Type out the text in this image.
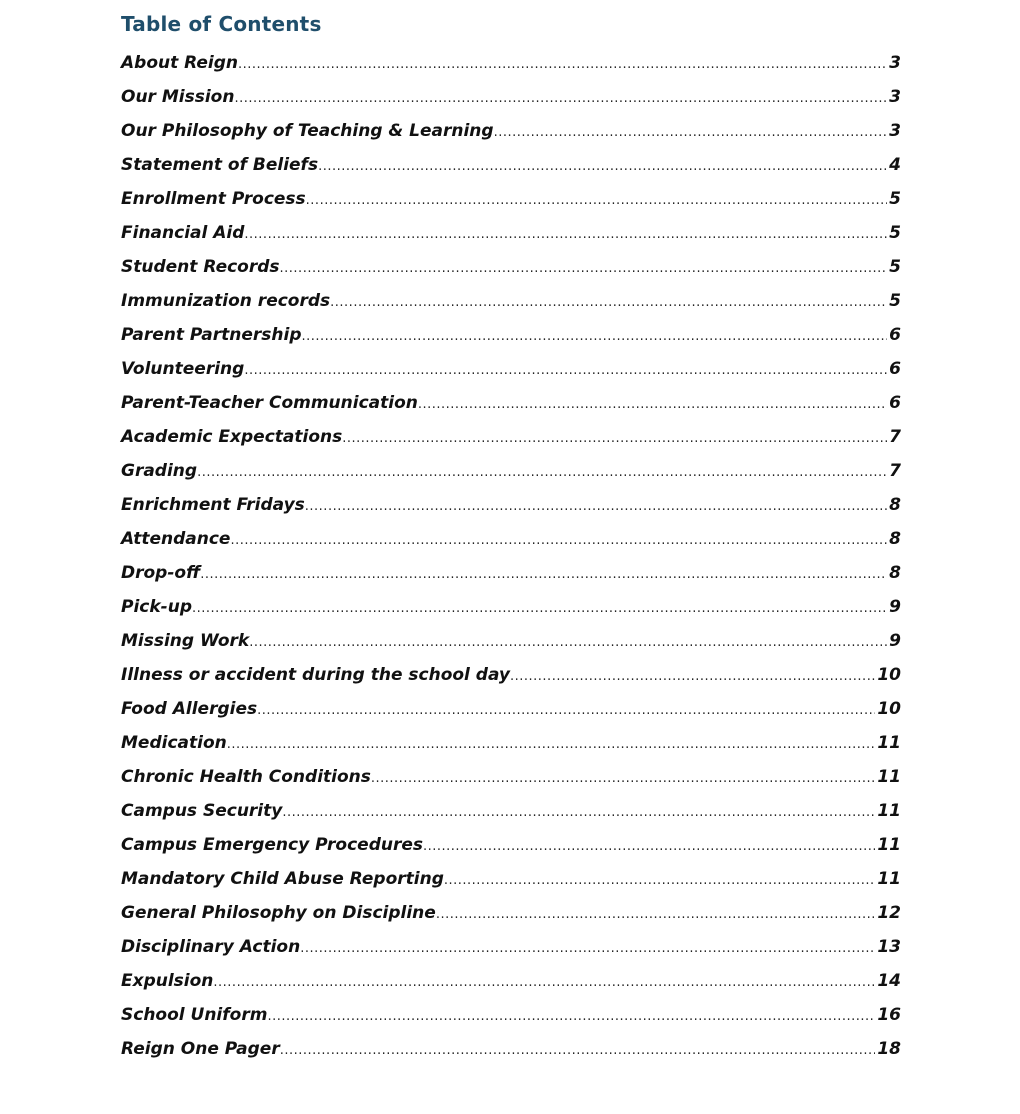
Table of Contents
About Reign .....	3
Our Mission .....	3
Our Philosophy of Teaching & Learning .....	3
Statement of Beliefs .....	4
Enrollment Process .....	5
Financial Aid .....	5
Student Records .....	5
Immunization records .....	5
Parent Partnership .....	6
Volunteering .....	6
Parent-Teacher Communication .....	6
Academic Expectations .....	7
Grading .....	7
Enrichment Fridays .....	8
Attendance .....	8
Drop-off .....	8
Pick-up .....	9
Missing Work .....	9
Illness or accident during the school day .....	10
Food Allergies .....	10
Medication .....	11
Chronic Health Conditions .....	11
Campus Security .....	11
Campus Emergency Procedures .....	11
Mandatory Child Abuse Reporting .....	11
General Philosophy on Discipline .....	12
Disciplinary Action .....	13
Expulsion .....	14
School Uniform .....	16
Reign One Pager .....	18
